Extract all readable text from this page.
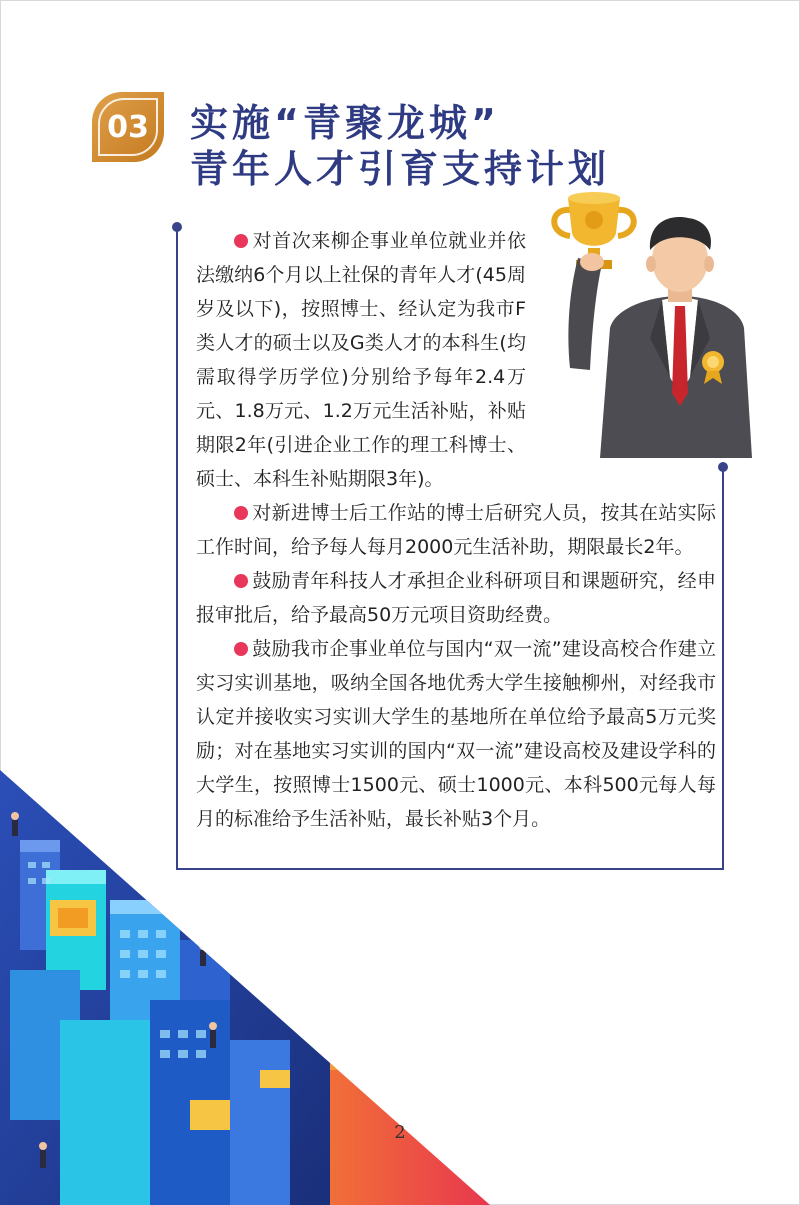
03 实施“青聚龙城”
青年人才引育支持计划

对首次来柳企事业单位就业并依法缴纳6个月以上社保的青年人才(45周岁及以下)，按照博士、经认定为我市F类人才的硕士以及G类人才的本科生(均需取得学历学位)分别给予每年2.4万元、1.8万元、1.2万元生活补贴，补贴期限2年(引进企业工作的理工科博士、硕士、本科生补贴期限3年)。

对新进博士后工作站的博士后研究人员，按其在站实际工作时间，给予每人每月2000元生活补助，期限最长2年。

鼓励青年科技人才承担企业科研项目和课题研究，经申报审批后，给予最高50万元项目资助经费。

鼓励我市企事业单位与国内“双一流”建设高校合作建立实习实训基地，吸纳全国各地优秀大学生接触柳州，对经我市认定并接收实习实训大学生的基地所在单位给予最高5万元奖励；对在基地实习实训的国内“双一流”建设高校及建设学科的大学生，按照博士1500元、硕士1000元、本科500元每人每月的标准给予生活补贴，最长补贴3个月。

2
